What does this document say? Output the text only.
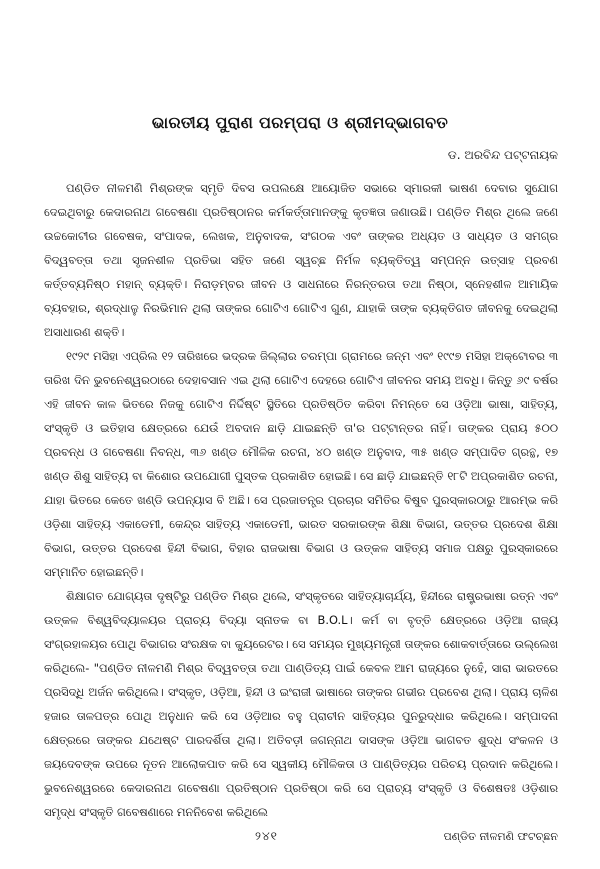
ଭାରତୀୟ ପୁରାଣ ପରମ୍ପରା ଓ ଶ୍ରୀମଦ୍‌ଭାଗବତ

ଡ. ଅରବିନ୍ଦ ପଟ୍ଟନାୟକ

ପଣ୍ଡିତ ନୀଳମଣି ମିଶ୍ରଙ୍କ ସ୍ମୃତି ଦିବସ ଉପଲକ୍ଷେ ଆୟୋଜିତ ସଭାରେ ସ୍ମାରକୀ ଭାଷଣ ଦେବାର ସୁଯୋଗ ଦେଇଥିବାରୁ କେଦାରନାଥ ଗବେଷଣା ପ୍ରତିଷ୍ଠାନର କର୍ମକର୍ତ୍ତାମାନଙ୍କୁ କୃତଜ୍ଞତା ଜଣାଉଛି। ପଣ୍ଡିତ ମିଶ୍ର ଥିଲେ ଜଣେ ଉଚ୍ଚକୋଟୀର ଗବେଷକ, ସଂପାଦକ, ଲେଖକ, ଅନୁବାଦକ, ସଂଗଠକ ଏବଂ ତାଙ୍କର ଅଧ୍ୟତ ଓ ସାଧ୍ୟତ ଓ ସମଗ୍ର ବିଦ୍ୱବତ୍ତା ତଥା ସୃଜନଶୀଳ ପ୍ରତିଭା ସହିତ ଜଣେ ସ୍ୱଚ୍ଛ ନିର୍ମଳ ବ୍ୟକ୍ତିତ୍ୱ ସମ୍ପନ୍ନ ଉତ୍ସାହ ପ୍ରବଣ କର୍ତ୍ତବ୍ୟନିଷ୍ଠ ମହାନ୍ ବ୍ୟକ୍ତି। ନିରାଡ଼ମ୍ବର ଜୀବନ ଓ ସାଧନାରେ ନିରନ୍ତରତା ତଥା ନିଷ୍ଠା, ସ୍ନେହଶୀଳ ଆମାୟିକ ବ୍ୟବହାର, ଶ୍ରଦ୍ଧାଳୁ ନିରଭିମାନ ଥିଲା ତାଙ୍କର ଗୋଟିଏ ଗୋଟିଏ ଗୁଣ, ଯାହାକି ତାଙ୍କ ବ୍ୟକ୍ତିଗତ ଜୀବନକୁ ଦେଇଥିଲା ଅସାଧାରଣ ଶକ୍ତି।

୧୯୨୯ ମସିହା ଏପ୍ରିଲ ୧୨ ତାରିଖରେ ଭଦ୍ରକ ଜିଲ୍ଲାର ଚରମ୍ପା ଗ୍ରାମରେ ଜନ୍ମ ଏବଂ ୧୯୯୭ ମସିହା ଅକ୍ଟୋବର ୩ ତାରିଖ ଦିନ ଭୁବନେଶ୍ୱରଠାରେ ଦେହାବସାନ ଏଇ ଥିଲା ଗୋଟିଏ ଦେହରେ ଗୋଟିଏ ଜୀବନର ସମୟ ଅବଧି। କିନ୍ତୁ ୬୯ ବର୍ଷର ଏହି ଜୀବନ କାଳ ଭିତରେ ନିଜକୁ ଗୋଟିଏ ନିର୍ଦ୍ଦିଷ୍ଟ ସ୍ଥିତିରେ ପ୍ରତିଷ୍ଠିତ କରିବା ନିମନ୍ତେ ସେ ଓଡ଼ିଆ ଭାଷା, ସାହିତ୍ୟ, ସଂସ୍କୃତି ଓ ଇତିହାସ କ୍ଷେତ୍ରରେ ଯେଉଁ ଅବଦାନ ଛାଡ଼ି ଯାଇଛନ୍ତି ତା'ର ପଟ୍ଟାନ୍ତର ନାହିଁ। ତାଙ୍କର ପ୍ରାୟ ୫୦୦ ପ୍ରବନ୍ଧ ଓ ଗବେଷଣା ନିବନ୍ଧ, ୩୬ ଖଣ୍ଡ ମୌଳିକ ରଚନା, ୪୦ ଖଣ୍ଡ ଅନୁବାଦ, ୩୫ ଖଣ୍ଡ ସମ୍ପାଦିତ ଗ୍ରନ୍ଥ, ୧୭ ଖଣ୍ଡ ଶିଶୁ ସାହିତ୍ୟ ବା କିଶୋର ଉପଯୋଗୀ ପୁସ୍ତକ ପ୍ରକାଶିତ ହୋଇଛି। ସେ ଛାଡ଼ି ଯାଇଛନ୍ତି ୧୮ଟି ଅପ୍ରକାଶିତ ରଚନା, ଯାହା ଭିତରେ କେତେ ଖଣ୍ଡି ଉପନ୍ୟାସ ବି ଅଛି। ସେ ପ୍ରଜାତନ୍ତ୍ର ପ୍ରଚାର ସମିତିର ବିଷୁବ ପୁରସ୍କାରଠାରୁ ଆରମ୍ଭ କରି ଓଡ଼ିଶା ସାହିତ୍ୟ ଏକାଡେମୀ, କେନ୍ଦ୍ର ସାହିତ୍ୟ ଏକାଡେମୀ, ଭାରତ ସରକାରଙ୍କ ଶିକ୍ଷା ବିଭାଗ, ଉତ୍ତର ପ୍ରଦେଶ ଶିକ୍ଷା ବିଭାଗ, ଉତ୍ତର ପ୍ରଦେଶ ହିନ୍ଦୀ ବିଭାଗ, ବିହାର ରାଜଭାଷା ବିଭାଗ ଓ ଉତ୍କଳ ସାହିତ୍ୟ ସମାଜ ପକ୍ଷରୁ ପୁରସ୍କାରରେ ସମ୍ମାନିତ ହୋଇଛନ୍ତି।

ଶିକ୍ଷାଗତ ଯୋଗ୍ୟତା ଦୃଷ୍ଟିରୁ ପଣ୍ଡିତ ମିଶ୍ର ଥିଲେ, ସଂସ୍କୃତରେ ସାହିତ୍ୟାଚାର୍ଯ୍ୟ, ହିନ୍ଦୀରେ ରାଷ୍ଟ୍ରଭାଷା ରତ୍ନ ଏବଂ ଉତ୍କଳ ବିଶ୍ୱବିଦ୍ୟାଳୟର ପ୍ରାଚ୍ୟ ବିଦ୍ୟା ସ୍ନାତକ ବା B.O.L। କର୍ମ ବା ବୃତ୍ତି କ୍ଷେତ୍ରରେ ଓଡ଼ିଆ ରାଜ୍ୟ ସଂଗ୍ରହାଳୟର ପୋଥି ବିଭାଗର ସଂରକ୍ଷକ ବା କ୍ୟୁରେଟର। ସେ ସମୟର ମୁଖ୍ୟମନ୍ତ୍ରୀ ତାଙ୍କର ଶୋକବାର୍ତ୍ତାରେ ଉଲ୍ଲେଖ କରିଥିଲେ- "ପଣ୍ଡିତ ନୀଳମଣି ମିଶ୍ର ବିଦ୍ୱବତ୍ତା ତଥା ପାଣ୍ଡିତ୍ୟ ପାଇଁ କେବଳ ଆମ ରାଜ୍ୟରେ ନୁହେଁ, ସାରା ଭାରତରେ ପ୍ରସିଦ୍ଧି ଅର୍ଜନ କରିଥିଲେ। ସଂସ୍କୃତ, ଓଡ଼ିଆ, ହିନ୍ଦୀ ଓ ଇଂରାଜୀ ଭାଷାରେ ତାଙ୍କର ଗଭୀର ପ୍ରବେଶ ଥିଲା। ପ୍ରାୟ ଚାଳିଶ ହଜାର ତାଳପତ୍ର ପୋଥି ଅନୁଧାନ କରି ସେ ଓଡ଼ିଆର ବହୁ ପ୍ରାଚୀନ ସାହିତ୍ୟର ପୁନରୁଦ୍ଧାର କରିଥିଲେ। ସମ୍ପାଦନା କ୍ଷେତ୍ରରେ ତାଙ୍କର ଯଥେଷ୍ଟ ପାରଦର୍ଶିତା ଥିଲା। ଅତିବଡ଼ୀ ଜଗନ୍ନାଥ ଦାସଙ୍କ ଓଡ଼ିଆ ଭାଗବତ ଶୁଦ୍ଧ ସଂକଳନ ଓ ଜୟଦେବଙ୍କ ଉପରେ ନୂତନ ଆଲୋକପାତ କରି ସେ ସ୍ୱକୀୟ ମୌଳିକତା ଓ ପାଣ୍ଡିତ୍ୟର ପରିଚୟ ପ୍ରଦାନ କରିଥିଲେ। ଭୁବନେଶ୍ୱରରେ କେଦାରନାଥ ଗବେଷଣା ପ୍ରତିଷ୍ଠାନ ପ୍ରତିଷ୍ଠା କରି ସେ ପ୍ରାଚ୍ୟ ସଂସ୍କୃତି ଓ ବିଶେଷତଃ ଓଡ଼ିଶାର ସମୃଦ୍ଧ ସଂସ୍କୃତି ଗବେଷଣାରେ ମନନିବେଶ କରିଥିଲେ

୨୪୧	ପଣ୍ଡିତ ନୀଳମଣି ଫଟଚ୍ଛନ
